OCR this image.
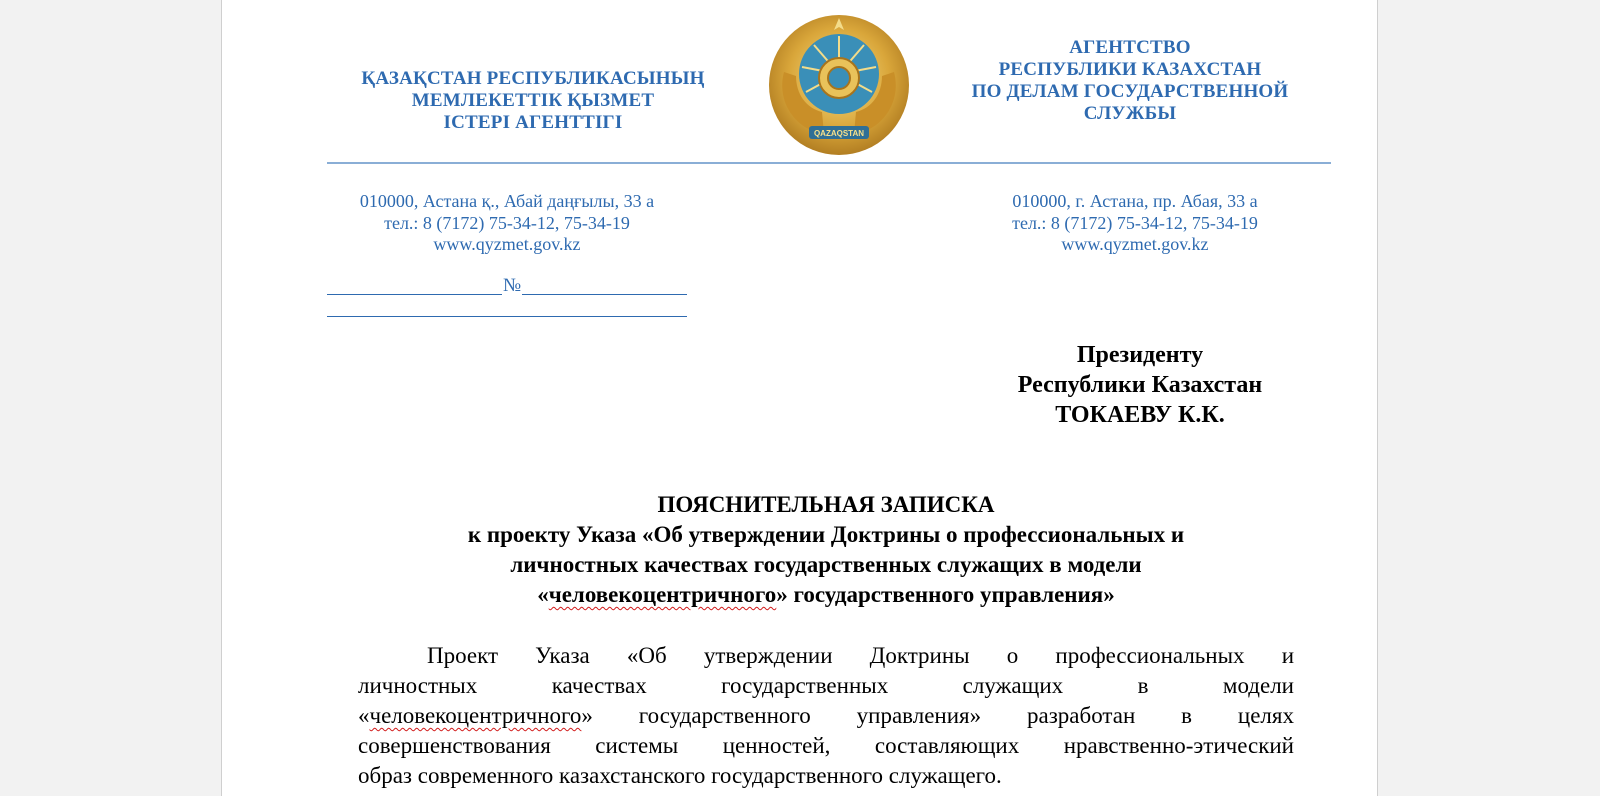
ҚАЗАҚСТАН РЕСПУБЛИКАСЫНЫҢ
МЕМЛЕКЕТТІК ҚЫЗМЕТ
ІСТЕРІ АГЕНТТІГІ
QAZAQSTAN
АГЕНТСТВО
РЕСПУБЛИКИ КАЗАХСТАН
ПО ДЕЛАМ ГОСУДАРСТВЕННОЙ
СЛУЖБЫ
010000, Астана қ., Абай даңғылы, 33 а
тел.: 8 (7172) 75-34-12, 75-34-19
www.qyzmet.gov.kz
010000, г. Астана, пр. Абая, 33 а
тел.: 8 (7172) 75-34-12, 75-34-19
www.qyzmet.gov.kz
№
Президенту
Республики Казахстан
ТОКАЕВУ К.К.
ПОЯСНИТЕЛЬНАЯ ЗАПИСКА
к проекту Указа «Об утверждении Доктрины о профессиональных и
личностных качествах государственных служащих в модели
«человекоцентричного» государственного управления»
Проект Указа «Об утверждении Доктрины о профессиональных и
личностных качествах государственных служащих в модели
«человекоцентричного» государственного управления» разработан в целях
совершенствования системы ценностей, составляющих нравственно-этический
образ современного казахстанского государственного служащего.
